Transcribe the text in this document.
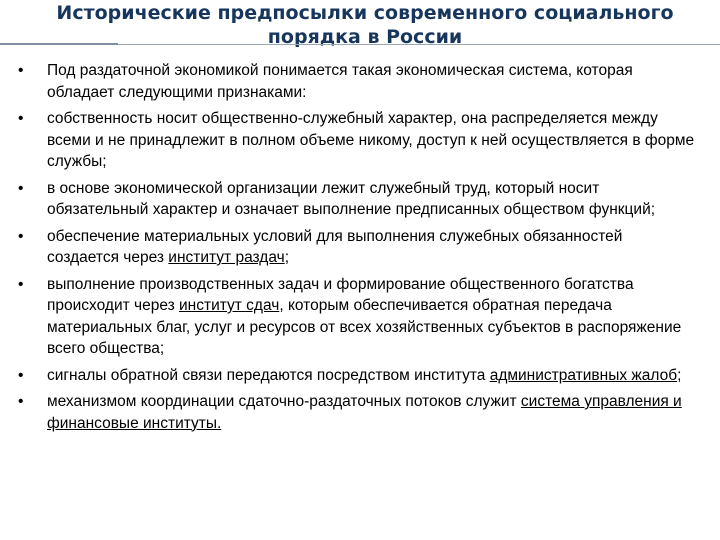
Исторические предпосылки современного социального порядка в России
•	Под раздаточной экономикой понимается такая экономическая система, которая обладает следующими признаками:
•	собственность носит общественно-служебный характер, она распределяется между всеми и не принадлежит в полном объеме никому, доступ к ней осуществляется в форме службы;
•	в основе экономической организации лежит служебный труд, который носит обязательный характер и означает выполнение предписанных обществом функций;
•	обеспечение материальных условий для выполнения служебных обязанностей создается через институт раздач;
•	выполнение производственных задач и формирование общественного богатства происходит через институт сдач, которым обеспечивается обратная передача материальных благ, услуг и ресурсов от всех хозяйственных субъектов в распоряжение всего общества;
•	сигналы обратной связи передаются посредством института административных жалоб;
•	механизмом координации сдаточно-раздаточных потоков служит система управления и финансовые институты.
